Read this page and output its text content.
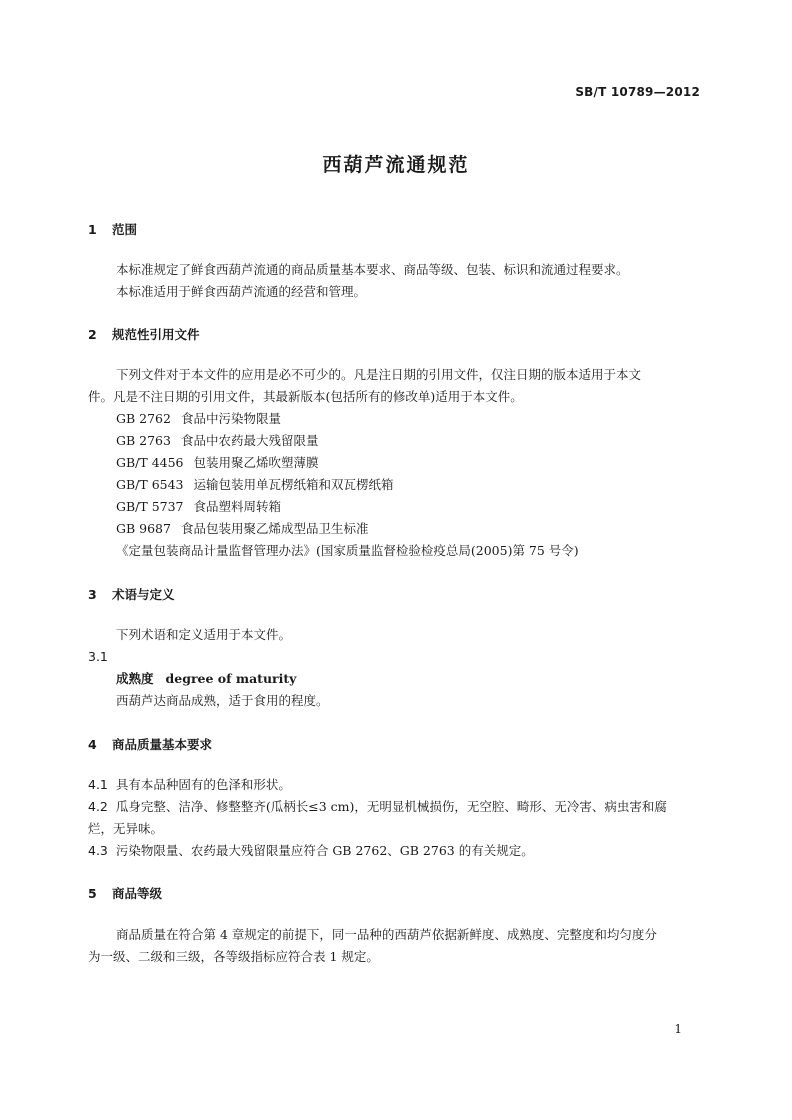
SB/T 10789—2012
西葫芦流通规范
1 范围
本标准规定了鲜食西葫芦流通的商品质量基本要求、商品等级、包装、标识和流通过程要求。
本标准适用于鲜食西葫芦流通的经营和管理。
2 规范性引用文件
下列文件对于本文件的应用是必不可少的。凡是注日期的引用文件，仅注日期的版本适用于本文
件。凡是不注日期的引用文件，其最新版本(包括所有的修改单)适用于本文件。
GB 2762 食品中污染物限量
GB 2763 食品中农药最大残留限量
GB/T 4456 包装用聚乙烯吹塑薄膜
GB/T 6543 运输包装用单瓦楞纸箱和双瓦楞纸箱
GB/T 5737 食品塑料周转箱
GB 9687 食品包装用聚乙烯成型品卫生标准
《定量包装商品计量监督管理办法》(国家质量监督检验检疫总局(2005)第 75 号令)
3 术语与定义
下列术语和定义适用于本文件。
3.1
成熟度 degree of maturity
西葫芦达商品成熟，适于食用的程度。
4 商品质量基本要求
4.1 具有本品种固有的色泽和形状。
4.2 瓜身完整、洁净、修整整齐(瓜柄长≤3 cm)，无明显机械损伤，无空腔、畸形、无冷害、病虫害和腐
烂，无异味。
4.3 污染物限量、农药最大残留限量应符合 GB 2762、GB 2763 的有关规定。
5 商品等级
商品质量在符合第 4 章规定的前提下，同一品种的西葫芦依据新鲜度、成熟度、完整度和均匀度分
为一级、二级和三级，各等级指标应符合表 1 规定。
1
